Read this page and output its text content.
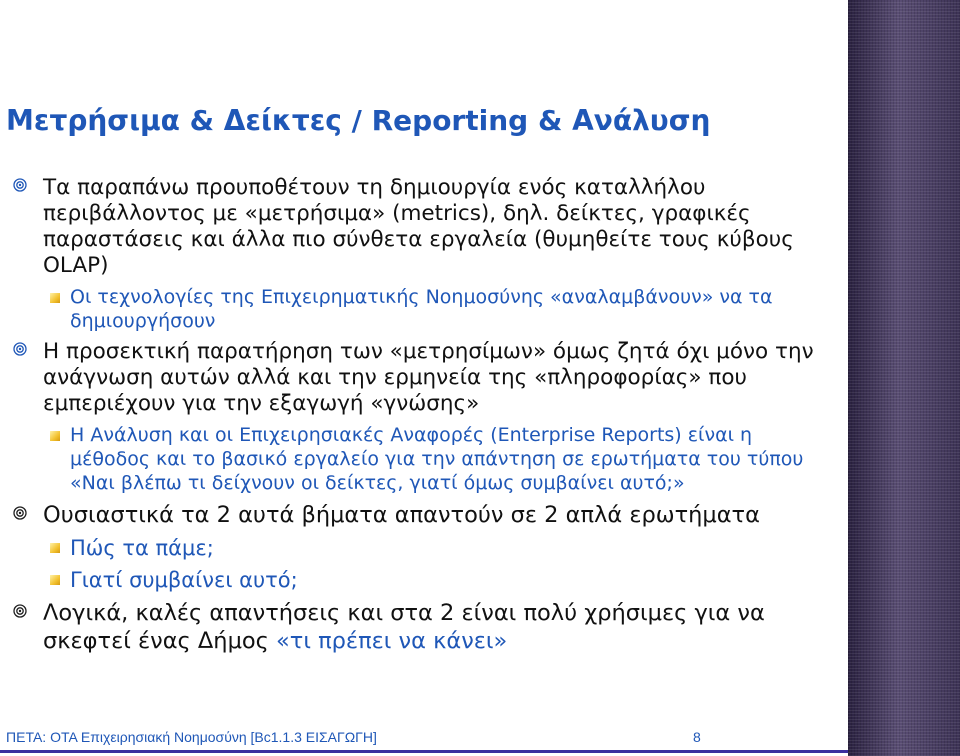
Μετρήσιμα & Δείκτες / Reporting & Ανάλυση
Τα παραπάνω προυποθέτουν τη δημιουργία ενός καταλλήλου περιβάλλοντος με «μετρήσιμα» (metrics), δηλ. δείκτες, γραφικές παραστάσεις και άλλα πιο σύνθετα εργαλεία (θυμηθείτε τους κύβους OLAP)
Οι τεχνολογίες της Επιχειρηματικής Νοημοσύνης «αναλαμβάνουν» να τα δημιουργήσουν
Η προσεκτική παρατήρηση των «μετρησίμων» όμως ζητά όχι μόνο την ανάγνωση αυτών αλλά και την ερμηνεία της «πληροφορίας» που εμπεριέχουν για την εξαγωγή «γνώσης»
Η Ανάλυση και οι Επιχειρησιακές Αναφορές (Enterprise Reports) είναι η μέθοδος και το βασικό εργαλείο για την απάντηση σε ερωτήματα του τύπου «Ναι βλέπω τι δείχνουν οι δείκτες, γιατί όμως συμβαίνει αυτό;»
Ουσιαστικά τα 2 αυτά βήματα απαντούν σε 2 απλά ερωτήματα
Πώς τα πάμε;
Γιατί συμβαίνει αυτό;
Λογικά, καλές απαντήσεις και στα 2 είναι πολύ χρήσιμες για να σκεφτεί ένας Δήμος «τι πρέπει να κάνει»
ΠΕΤΑ: ΟΤΑ Επιχειρησιακή Νοημοσύνη [Βc1.1.3 ΕΙΣΑΓΩΓΗ]	8
